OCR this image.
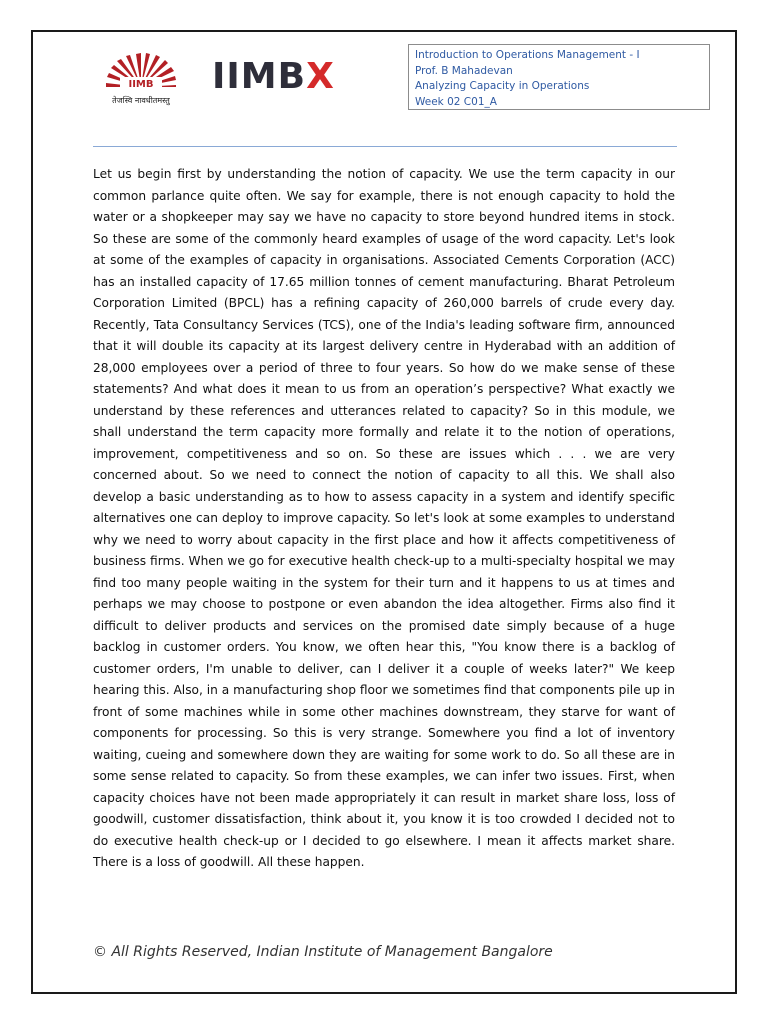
IIMB
तेजस्वि नावधीतमस्तु
IIMBX
Introduction to Operations Management - I
Prof. B Mahadevan
Analyzing Capacity in Operations
Week 02 C01_A

Let us begin first by understanding the notion of capacity. We use the term capacity in our common parlance quite often. We say for example, there is not enough capacity to hold the water or a shopkeeper may say we have no capacity to store beyond hundred items in stock. So these are some of the commonly heard examples of usage of the word capacity. Let's look at some of the examples of capacity in organisations. Associated Cements Corporation (ACC) has an installed capacity of 17.65 million tonnes of cement manufacturing. Bharat Petroleum Corporation Limited (BPCL) has a refining capacity of 260,000 barrels of crude every day. Recently, Tata Consultancy Services (TCS), one of the India's leading software firm, announced that it will double its capacity at its largest delivery centre in Hyderabad with an addition of 28,000 employees over a period of three to four years. So how do we make sense of these statements? And what does it mean to us from an operation’s perspective? What exactly we understand by these references and utterances related to capacity? So in this module, we shall understand the term capacity more formally and relate it to the notion of operations, improvement, competitiveness and so on. So these are issues which . . . we are very concerned about. So we need to connect the notion of capacity to all this. We shall also develop a basic understanding as to how to assess capacity in a system and identify specific alternatives one can deploy to improve capacity. So let's look at some examples to understand why we need to worry about capacity in the first place and how it affects competitiveness of business firms. When we go for executive health check-up to a multi-specialty hospital we may find too many people waiting in the system for their turn and it happens to us at times and perhaps we may choose to postpone or even abandon the idea altogether. Firms also find it difficult to deliver products and services on the promised date simply because of a huge backlog in customer orders. You know, we often hear this, "You know there is a backlog of customer orders, I'm unable to deliver, can I deliver it a couple of weeks later?" We keep hearing this. Also, in a manufacturing shop floor we sometimes find that components pile up in front of some machines while in some other machines downstream, they starve for want of components for processing. So this is very strange. Somewhere you find a lot of inventory waiting, cueing and somewhere down they are waiting for some work to do. So all these are in some sense related to capacity. So from these examples, we can infer two issues. First, when capacity choices have not been made appropriately it can result in market share loss, loss of goodwill, customer dissatisfaction, think about it, you know it is too crowded I decided not to do executive health check-up or I decided to go elsewhere. I mean it affects market share. There is a loss of goodwill. All these happen.

© All Rights Reserved, Indian Institute of Management Bangalore
